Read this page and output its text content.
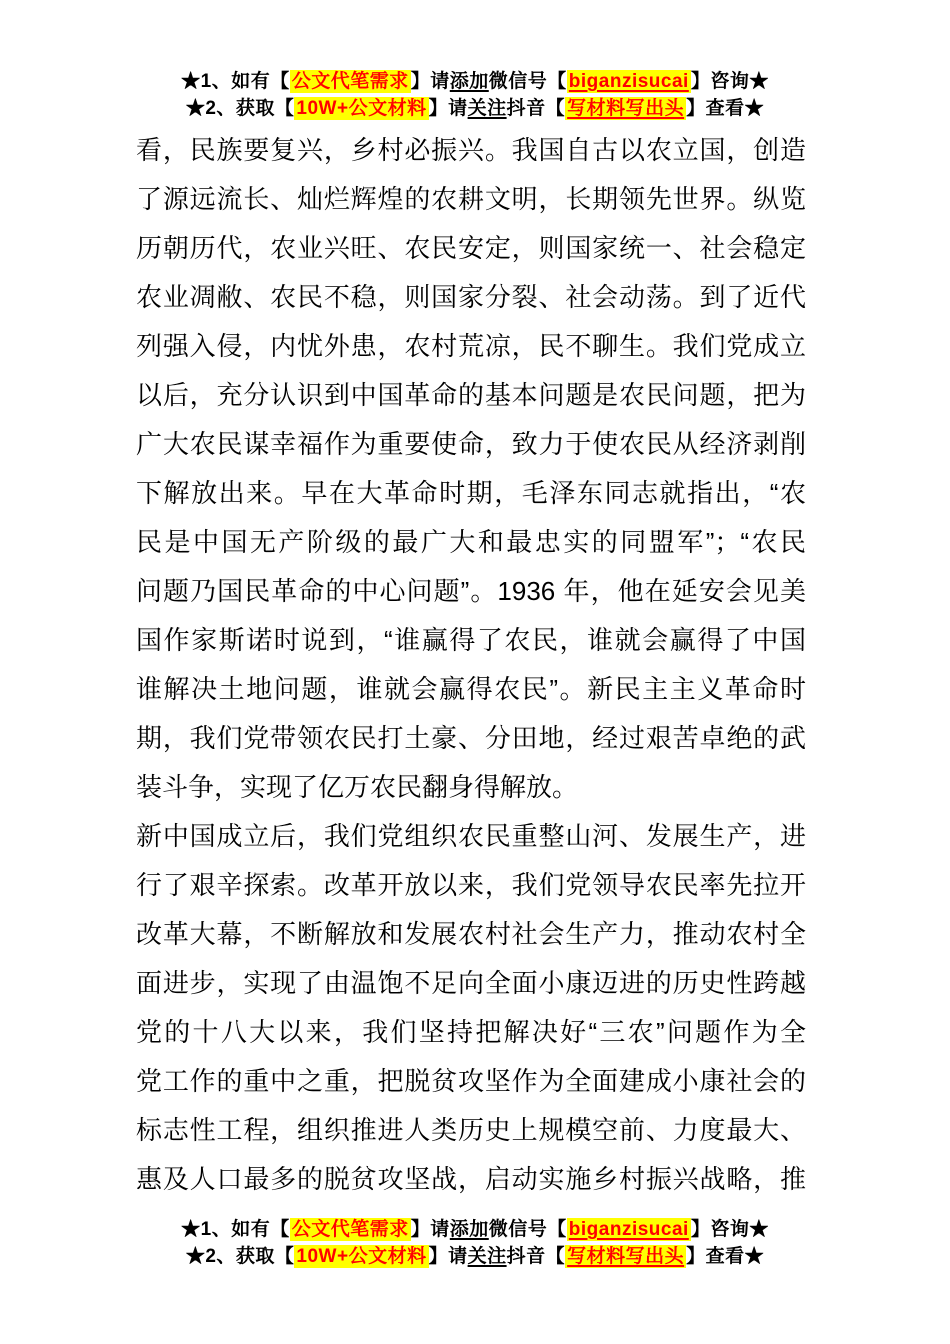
★1、如有【 公文代笔需求 】请添加微信号【 biganzisucai 】咨询★
★2、获取【 10W+公文材料 】请关注抖音【 写材料写出头 】查看★
看，民族要复兴，乡村必振兴。我国自古以农立国，创造
了源远流长、灿烂辉煌的农耕文明，长期领先世界。纵览
历朝历代，农业兴旺、农民安定，则国家统一、社会稳定
农业凋敝、农民不稳，则国家分裂、社会动荡。到了近代
列强入侵，内忧外患，农村荒凉，民不聊生。我们党成立
以后，充分认识到中国革命的基本问题是农民问题，把为
广大农民谋幸福作为重要使命，致力于使农民从经济剥削
下解放出来。早在大革命时期，毛泽东同志就指出，“农
民是中国无产阶级的最广大和最忠实的同盟军”；“农民
问题乃国民革命的中心问题”。1936 年，他在延安会见美
国作家斯诺时说到，“谁赢得了农民，谁就会赢得了中国
谁解决土地问题，谁就会赢得农民”。新民主主义革命时
期，我们党带领农民打土豪、分田地，经过艰苦卓绝的武
装斗争，实现了亿万农民翻身得解放。
新中国成立后，我们党组织农民重整山河、发展生产，进
行了艰辛探索。改革开放以来，我们党领导农民率先拉开
改革大幕，不断解放和发展农村社会生产力，推动农村全
面进步，实现了由温饱不足向全面小康迈进的历史性跨越
党的十八大以来，我们坚持把解决好“三农”问题作为全
党工作的重中之重，把脱贫攻坚作为全面建成小康社会的
标志性工程，组织推进人类历史上规模空前、力度最大、
惠及人口最多的脱贫攻坚战，启动实施乡村振兴战略，推
★1、如有【 公文代笔需求 】请添加微信号【 biganzisucai 】咨询★
★2、获取【 10W+公文材料 】请关注抖音【 写材料写出头 】查看★
